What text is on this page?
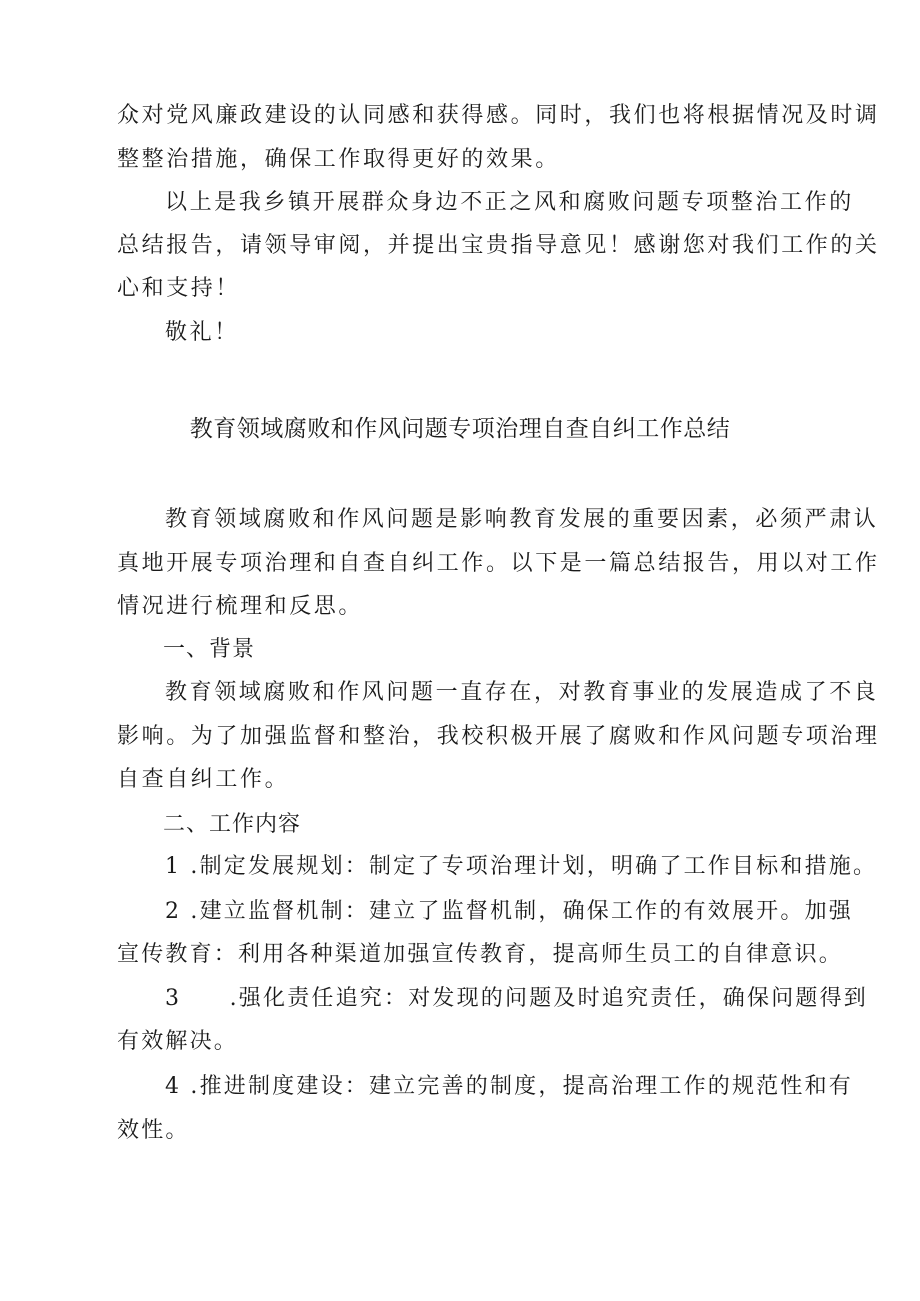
众对党风廉政建设的认同感和获得感。同时，我们也将根据情况及时调
整整治措施，确保工作取得更好的效果。
以上是我乡镇开展群众身边不正之风和腐败问题专项整治工作的
总结报告，请领导审阅，并提出宝贵指导意见！感谢您对我们工作的关
心和支持！
敬礼！
教育领域腐败和作风问题专项治理自查自纠工作总结
教育领域腐败和作风问题是影响教育发展的重要因素，必须严肃认
真地开展专项治理和自查自纠工作。以下是一篇总结报告，用以对工作
情况进行梳理和反思。
一、背景
教育领域腐败和作风问题一直存在，对教育事业的发展造成了不良
影响。为了加强监督和整治，我校积极开展了腐败和作风问题专项治理
自查自纠工作。
二、工作内容
1 .制定发展规划：制定了专项治理计划，明确了工作目标和措施。
2 .建立监督机制：建立了监督机制，确保工作的有效展开。加强
宣传教育：利用各种渠道加强宣传教育，提高师生员工的自律意识。
3　　.强化责任追究：对发现的问题及时追究责任，确保问题得到
有效解决。
4 .推进制度建设：建立完善的制度，提高治理工作的规范性和有
效性。
